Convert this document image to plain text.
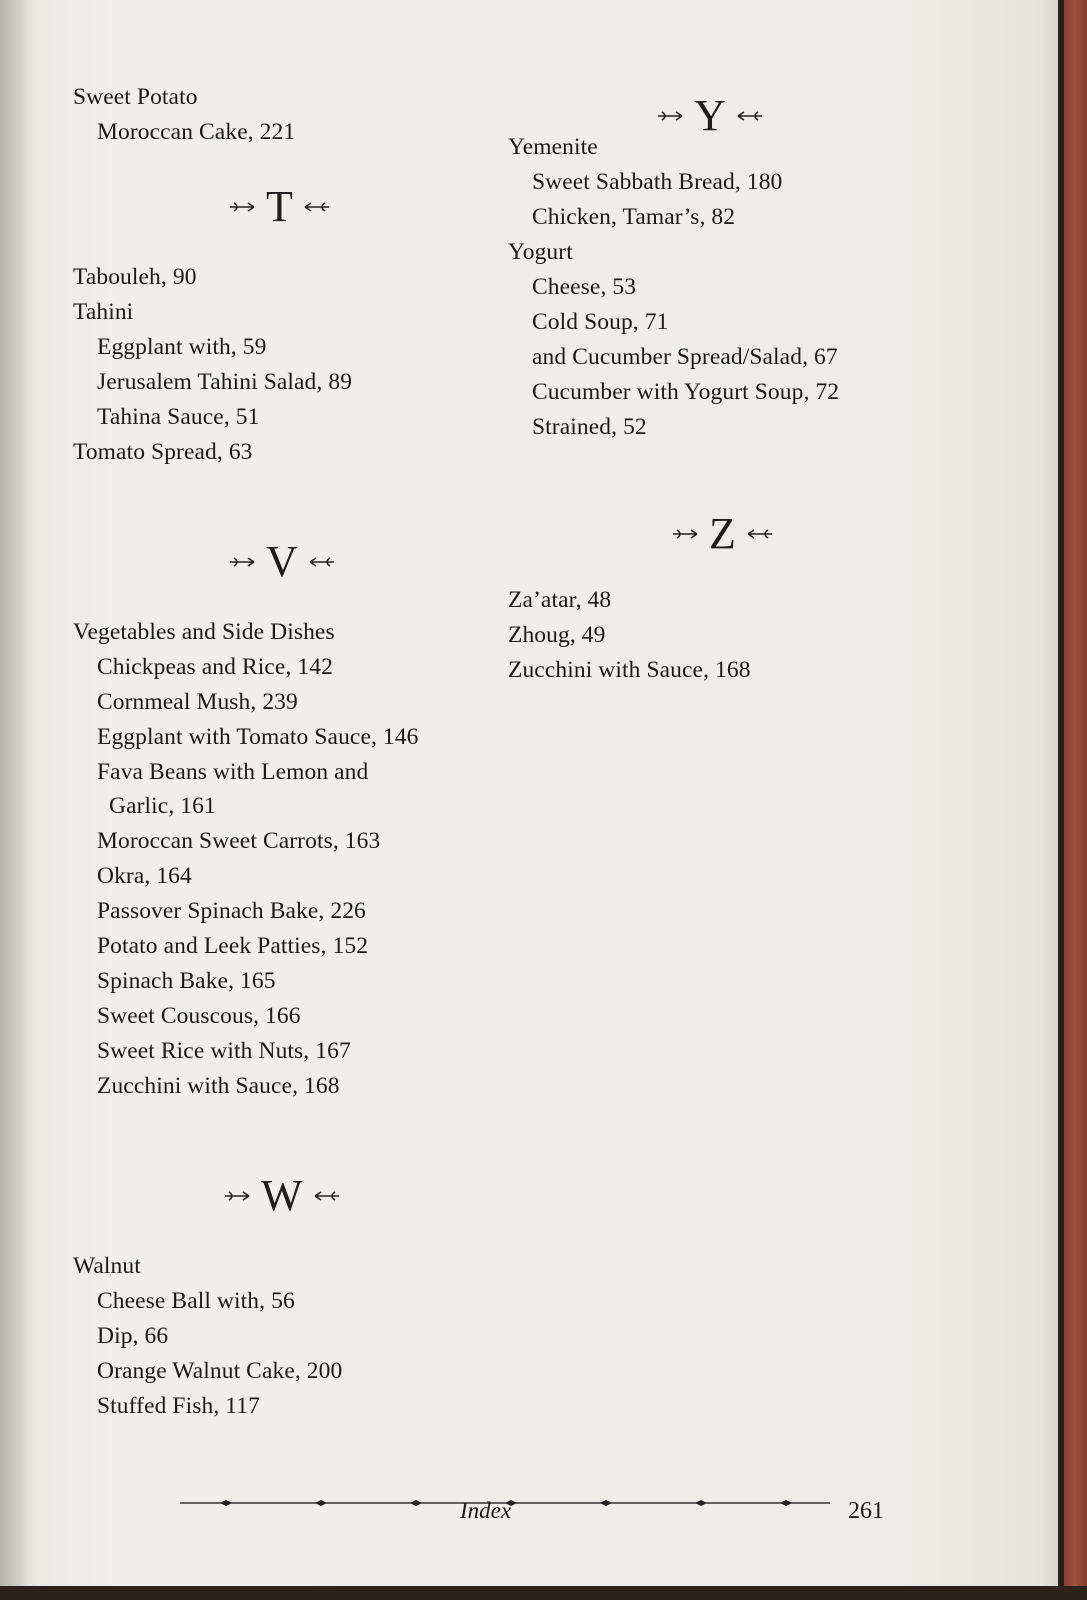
Sweet Potato
Moroccan Cake, 221
T
Tabouleh, 90
Tahini
Eggplant with, 59
Jerusalem Tahini Salad, 89
Tahina Sauce, 51
Tomato Spread, 63
V
Vegetables and Side Dishes
Chickpeas and Rice, 142
Cornmeal Mush, 239
Eggplant with Tomato Sauce, 146
Fava Beans with Lemon and
Garlic, 161
Moroccan Sweet Carrots, 163
Okra, 164
Passover Spinach Bake, 226
Potato and Leek Patties, 152
Spinach Bake, 165
Sweet Couscous, 166
Sweet Rice with Nuts, 167
Zucchini with Sauce, 168
W
Walnut
Cheese Ball with, 56
Dip, 66
Orange Walnut Cake, 200
Stuffed Fish, 117
Y
Yemenite
Sweet Sabbath Bread, 180
Chicken, Tamar’s, 82
Yogurt
Cheese, 53
Cold Soup, 71
and Cucumber Spread/Salad, 67
Cucumber with Yogurt Soup, 72
Strained, 52
Z
Za’atar, 48
Zhoug, 49
Zucchini with Sauce, 168
Index	261
